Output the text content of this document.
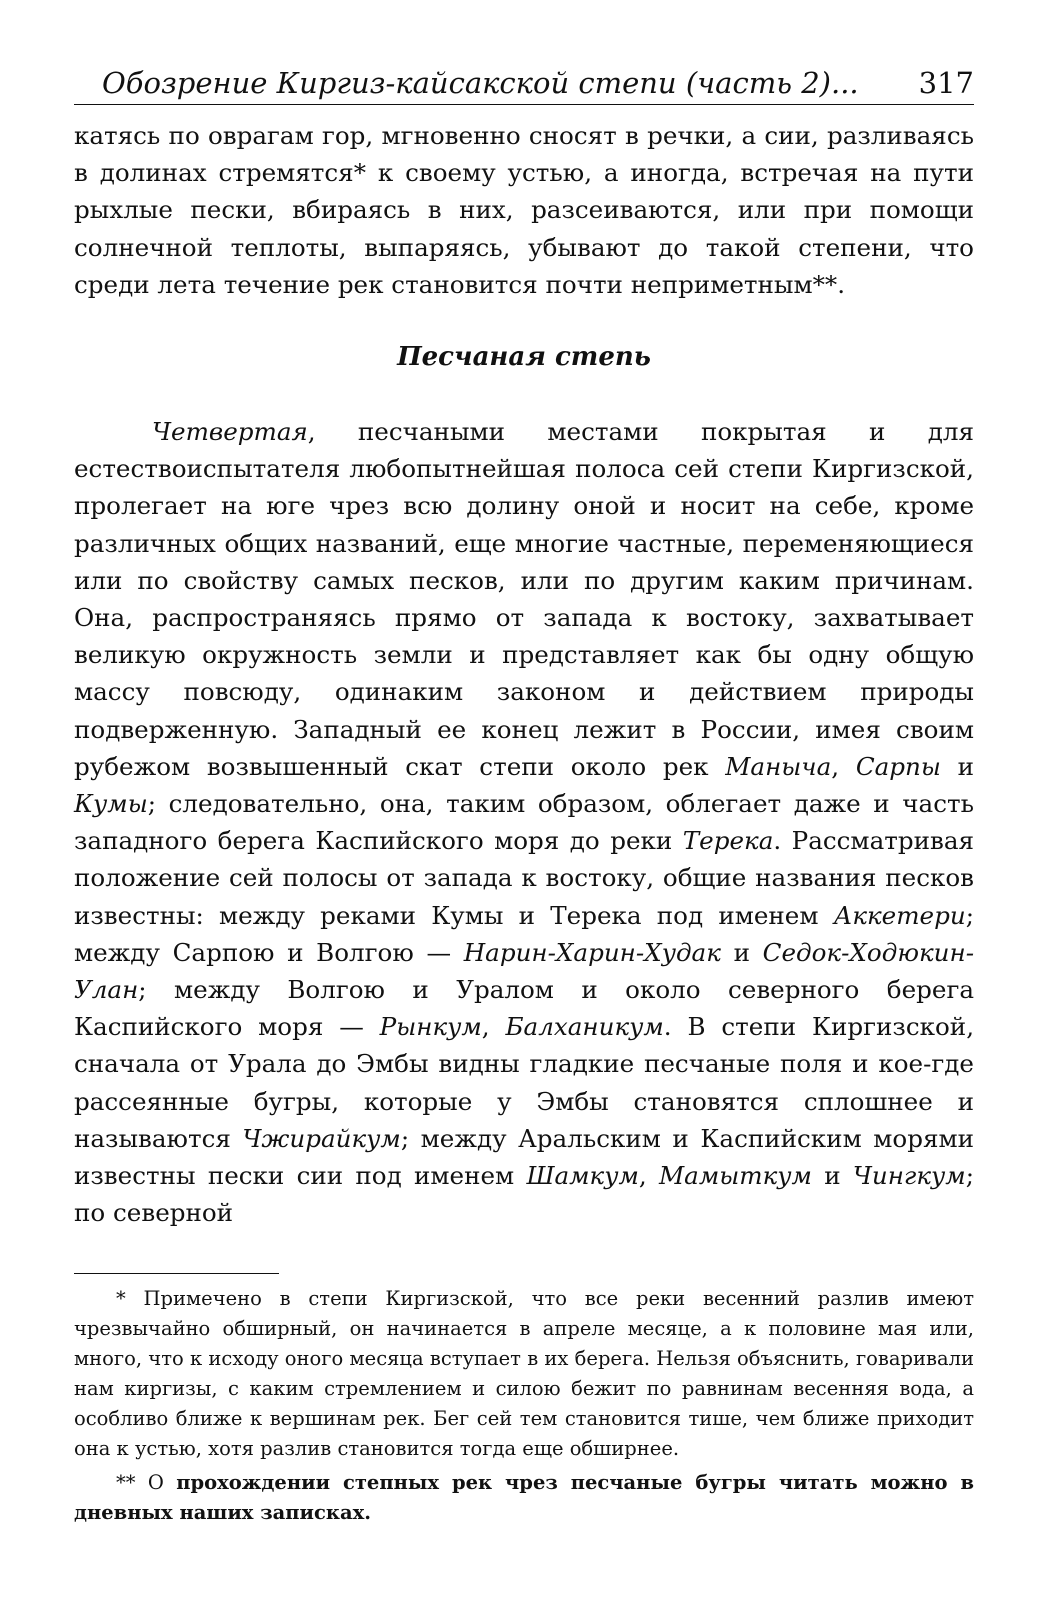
Обозрение Киргиз-кайсакской степи (часть 2)... 317

катясь по оврагам гор, мгновенно сносят в речки, а сии, разливаясь в долинах стремятся* к своему устью, а иногда, встречая на пути рыхлые пески, вбираясь в них, разсеиваются, или при помощи солнечной теплоты, выпаряясь, убывают до такой степени, что среди лета течение рек становится почти неприметным**.

Песчаная степь

Четвертая, песчаными местами покрытая и для естествоиспытателя любопытнейшая полоса сей степи Киргизской, пролегает на юге чрез всю долину оной и носит на себе, кроме различных общих названий, еще многие частные, переменяющиеся или по свойству самых песков, или по другим каким причинам. Она, распространяясь прямо от запада к востоку, захватывает великую окружность земли и представляет как бы одну общую массу повсюду, одинаким законом и действием природы подверженную. Западный ее конец лежит в России, имея своим рубежом возвышенный скат степи около рек Маныча, Сарпы и Кумы; следовательно, она, таким образом, облегает даже и часть западного берега Каспийского моря до реки Терека. Рассматривая положение сей полосы от запада к востоку, общие названия песков известны: между реками Кумы и Терека под именем Аккетери; между Сарпою и Волгою — Нарин-Харин-Худак и Седок-Ходюкин-Улан; между Волгою и Уралом и около северного берега Каспийского моря — Рынкум, Балханикум. В степи Киргизской, сначала от Урала до Эмбы видны гладкие песчаные поля и кое-где рассеянные бугры, которые у Эмбы становятся сплошнее и называются Чжирайкум; между Аральским и Каспийским морями известны пески сии под именем Шамкум, Мамыткум и Чингкум; по северной

* Примечено в степи Киргизской, что все реки весенний разлив имеют чрезвычайно обширный, он начинается в апреле месяце, а к половине мая или, много, что к исходу оного месяца вступает в их берега. Нельзя объяснить, говаривали нам киргизы, с каким стремлением и силою бежит по равнинам весенняя вода, а особливо ближе к вершинам рек. Бег сей тем становится тише, чем ближе приходит она к устью, хотя разлив становится тогда еще обширнее.

** О прохождении степных рек чрез песчаные бугры читать можно в дневных наших записках.
